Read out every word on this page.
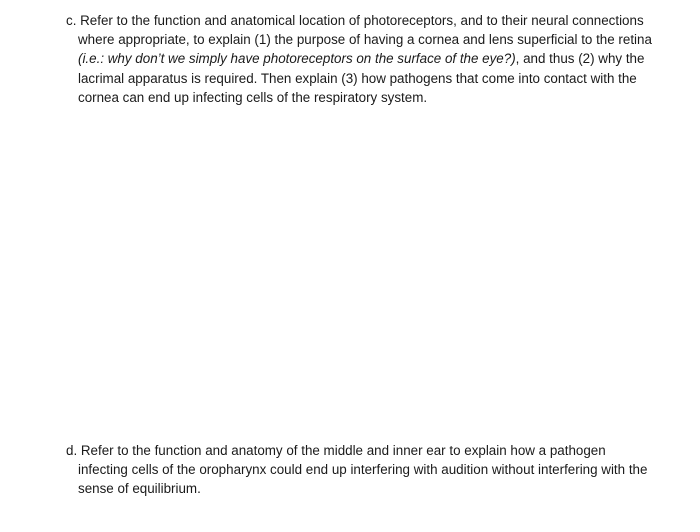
c. Refer to the function and anatomical location of photoreceptors, and to their neural connections
where appropriate, to explain (1) the purpose of having a cornea and lens superficial to the retina
(i.e.: why don’t we simply have photoreceptors on the surface of the eye?), and thus (2) why the
lacrimal apparatus is required. Then explain (3) how pathogens that come into contact with the
cornea can end up infecting cells of the respiratory system.
d. Refer to the function and anatomy of the middle and inner ear to explain how a pathogen
infecting cells of the oropharynx could end up interfering with audition without interfering with the
sense of equilibrium.
